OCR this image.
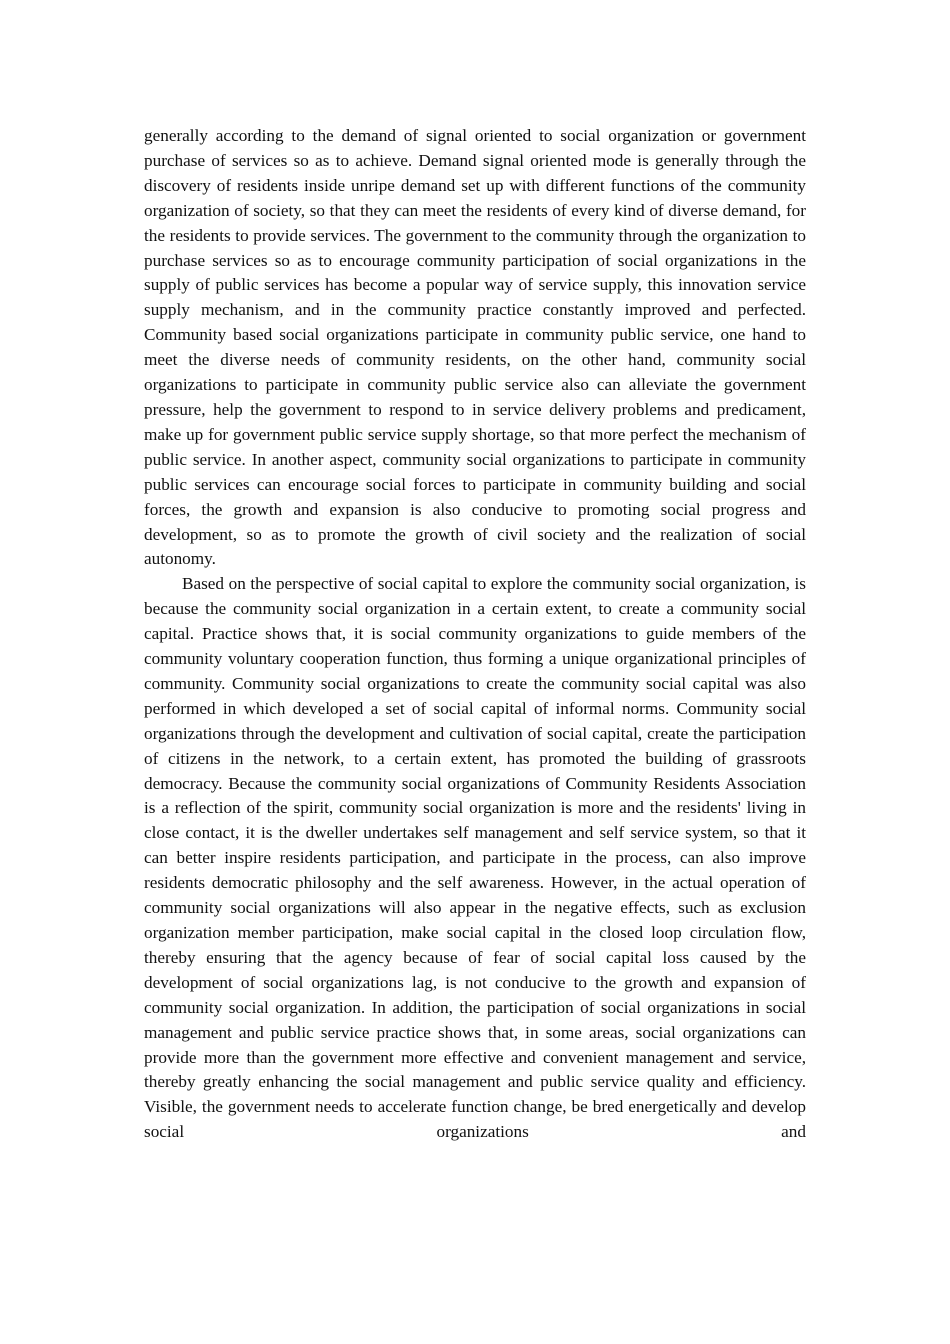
generally according to the demand of signal oriented to social organization or government purchase of services so as to achieve. Demand signal oriented mode is generally through the discovery of residents inside unripe demand set up with different functions of the community organization of society, so that they can meet the residents of every kind of diverse demand, for the residents to provide services. The government to the community through the organization to purchase services so as to encourage community participation of social organizations in the supply of public services has become a popular way of service supply, this innovation service supply mechanism, and in the community practice constantly improved and perfected. Community based social organizations participate in community public service, one hand to meet the diverse needs of community residents, on the other hand, community social organizations to participate in community public service also can alleviate the government pressure, help the government to respond to in service delivery problems and predicament, make up for government public service supply shortage, so that more perfect the mechanism of public service. In another aspect, community social organizations to participate in community public services can encourage social forces to participate in community building and social forces, the growth and expansion is also conducive to promoting social progress and development, so as to promote the growth of civil society and the realization of social autonomy.

Based on the perspective of social capital to explore the community social organization, is because the community social organization in a certain extent, to create a community social capital. Practice shows that, it is social community organizations to guide members of the community voluntary cooperation function, thus forming a unique organizational principles of community. Community social organizations to create the community social capital was also performed in which developed a set of social capital of informal norms. Community social organizations through the development and cultivation of social capital, create the participation of citizens in the network, to a certain extent, has promoted the building of grassroots democracy. Because the community social organizations of Community Residents Association is a reflection of the spirit, community social organization is more and the residents' living in close contact, it is the dweller undertakes self management and self service system, so that it can better inspire residents participation, and participate in the process, can also improve residents democratic philosophy and the self awareness. However, in the actual operation of community social organizations will also appear in the negative effects, such as exclusion organization member participation, make social capital in the closed loop circulation flow, thereby ensuring that the agency because of fear of social capital loss caused by the development of social organizations lag, is not conducive to the growth and expansion of community social organization. In addition, the participation of social organizations in social management and public service practice shows that, in some areas, social organizations can provide more than the government more effective and convenient management and service, thereby greatly enhancing the social management and public service quality and efficiency. Visible, the government needs to accelerate function change, be bred energetically and develop social organizations and
